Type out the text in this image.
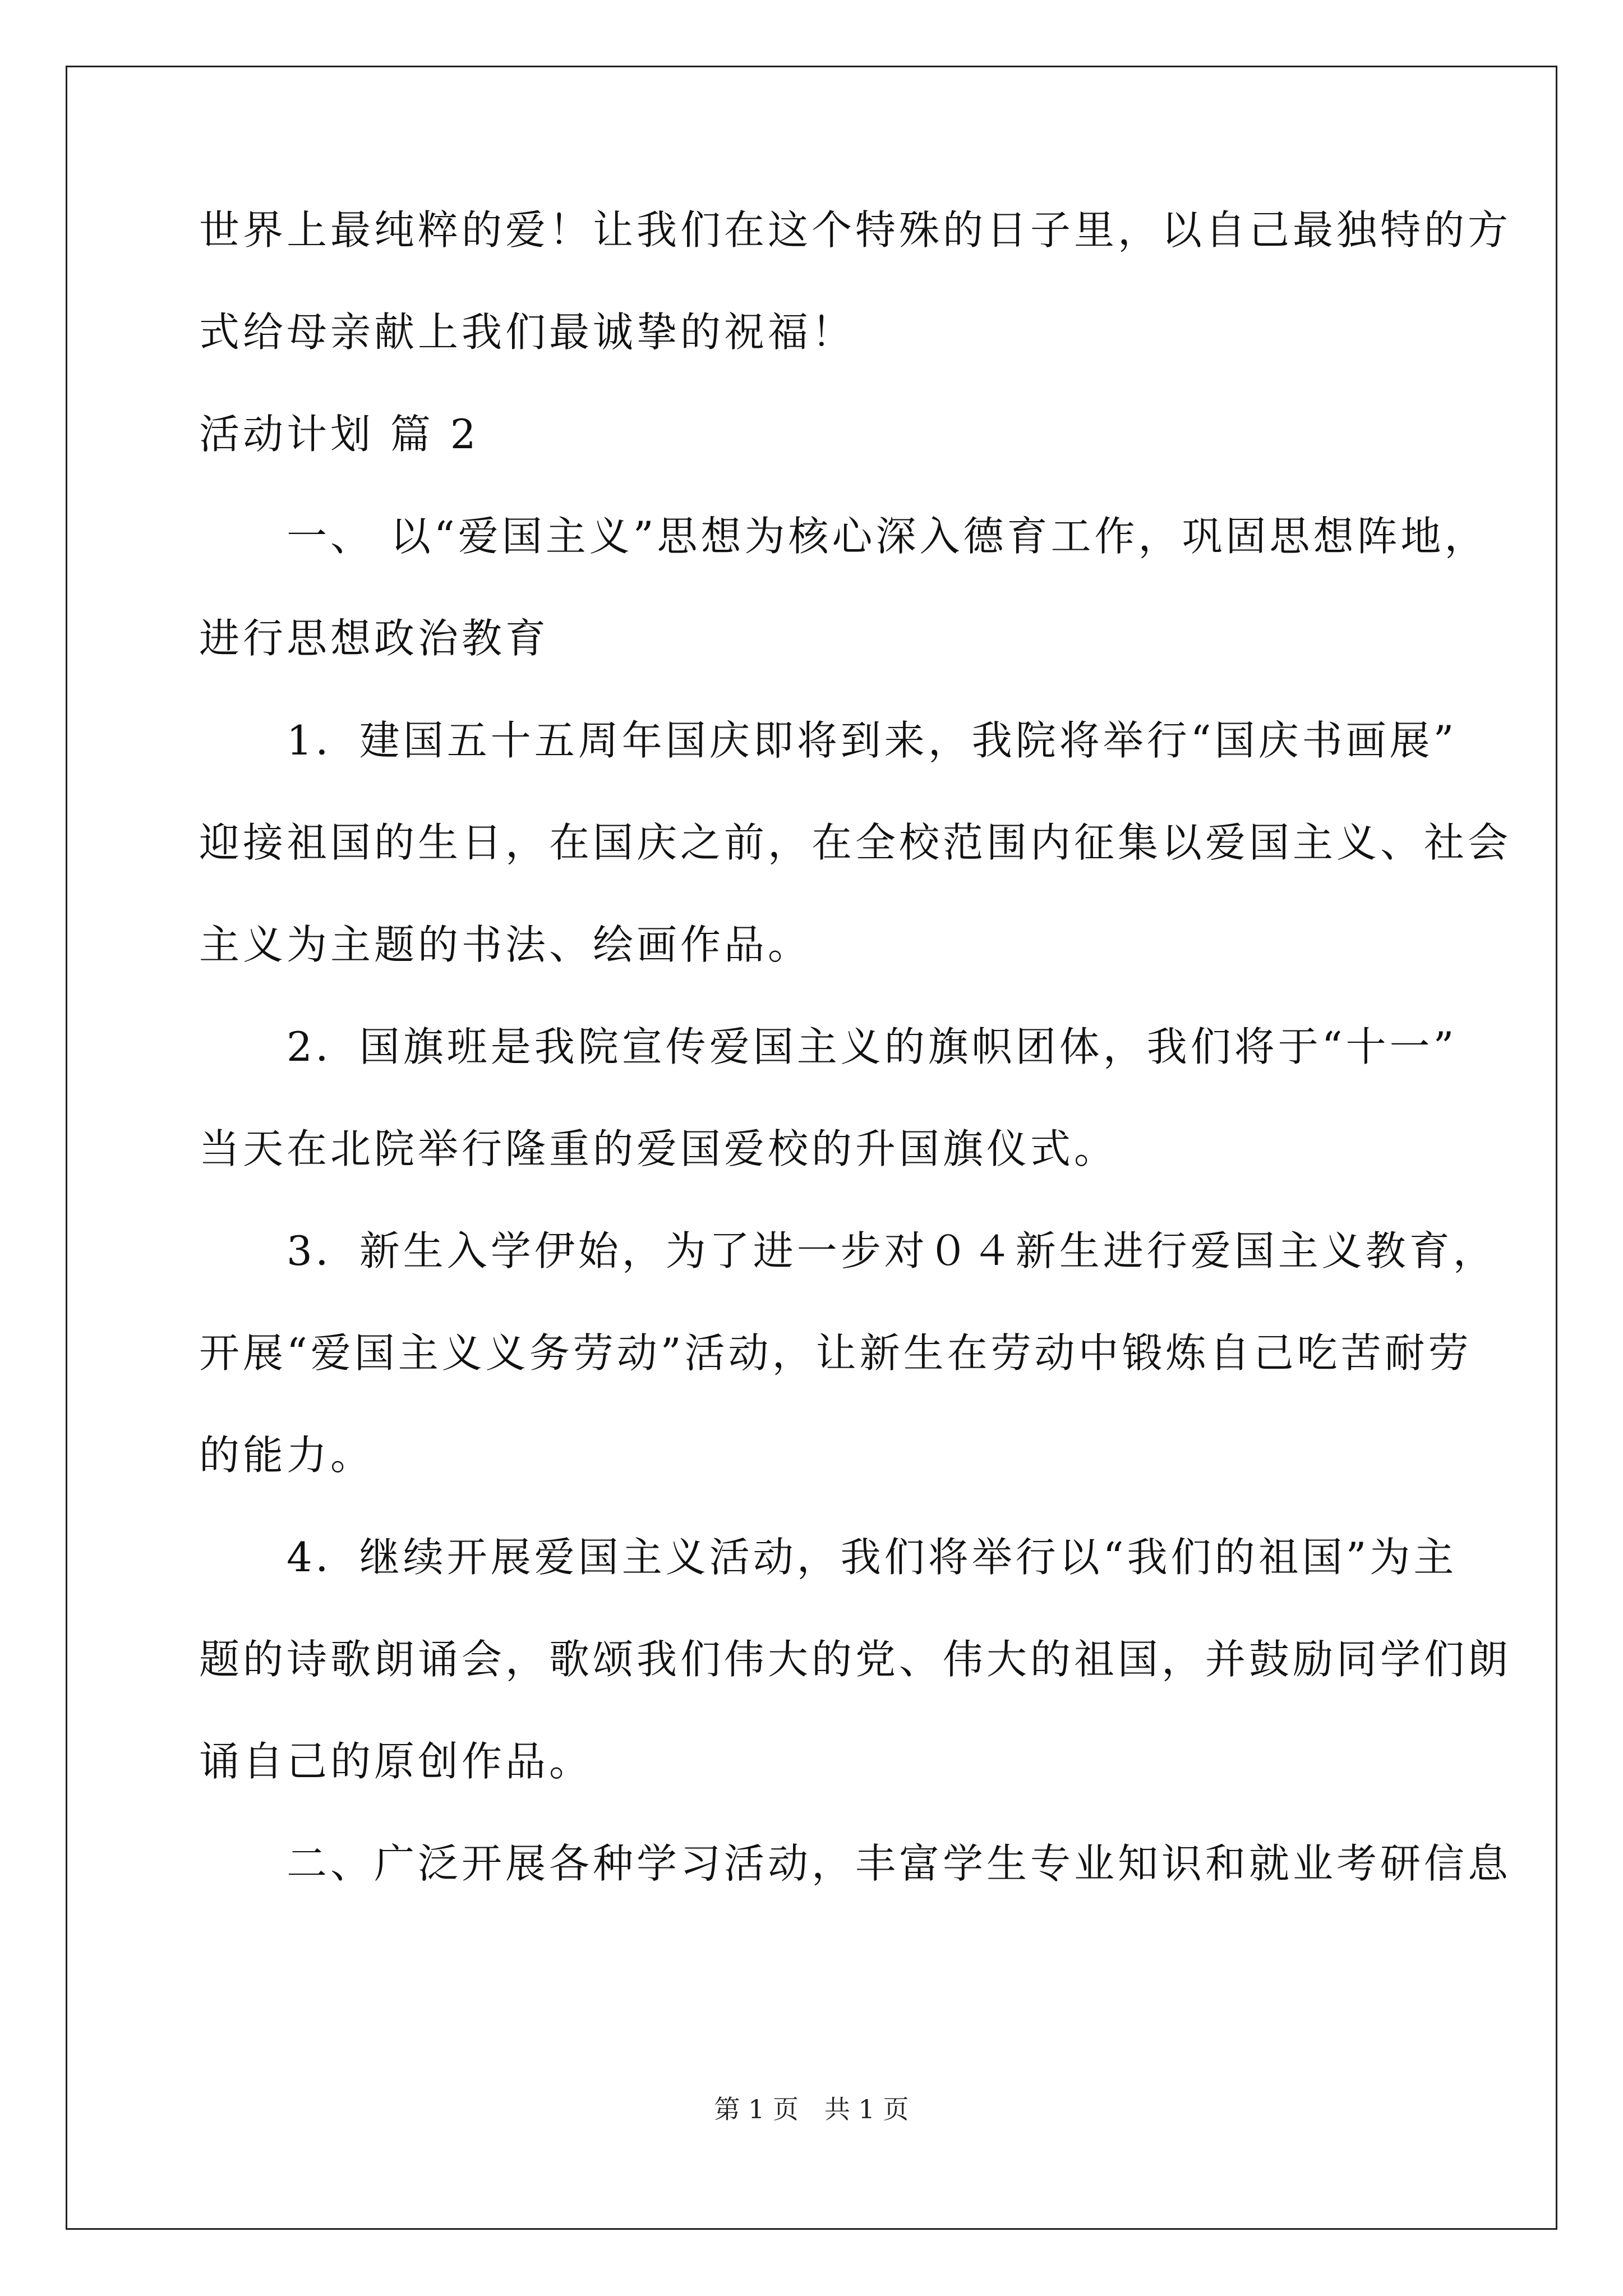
世界上最纯粹的爱！让我们在这个特殊的日子里，以自己最独特的方
式给母亲献上我们最诚挚的祝福！
活动计划 篇 2
　　一、 以“爱国主义”思想为核心深入德育工作，巩固思想阵地，
进行思想政治教育
　　1．建国五十五周年国庆即将到来，我院将举行“国庆书画展”
迎接祖国的生日，在国庆之前，在全校范围内征集以爱国主义、社会
主义为主题的书法、绘画作品。
　　2．国旗班是我院宣传爱国主义的旗帜团体，我们将于“十一”
当天在北院举行隆重的爱国爱校的升国旗仪式。
　　3．新生入学伊始，为了进一步对０４新生进行爱国主义教育，
开展“爱国主义义务劳动”活动，让新生在劳动中锻炼自己吃苦耐劳
的能力。
　　4．继续开展爱国主义活动，我们将举行以“我们的祖国”为主
题的诗歌朗诵会，歌颂我们伟大的党、伟大的祖国，并鼓励同学们朗
诵自己的原创作品。
　　二、广泛开展各种学习活动，丰富学生专业知识和就业考研信息
第 1 页　共 1 页
